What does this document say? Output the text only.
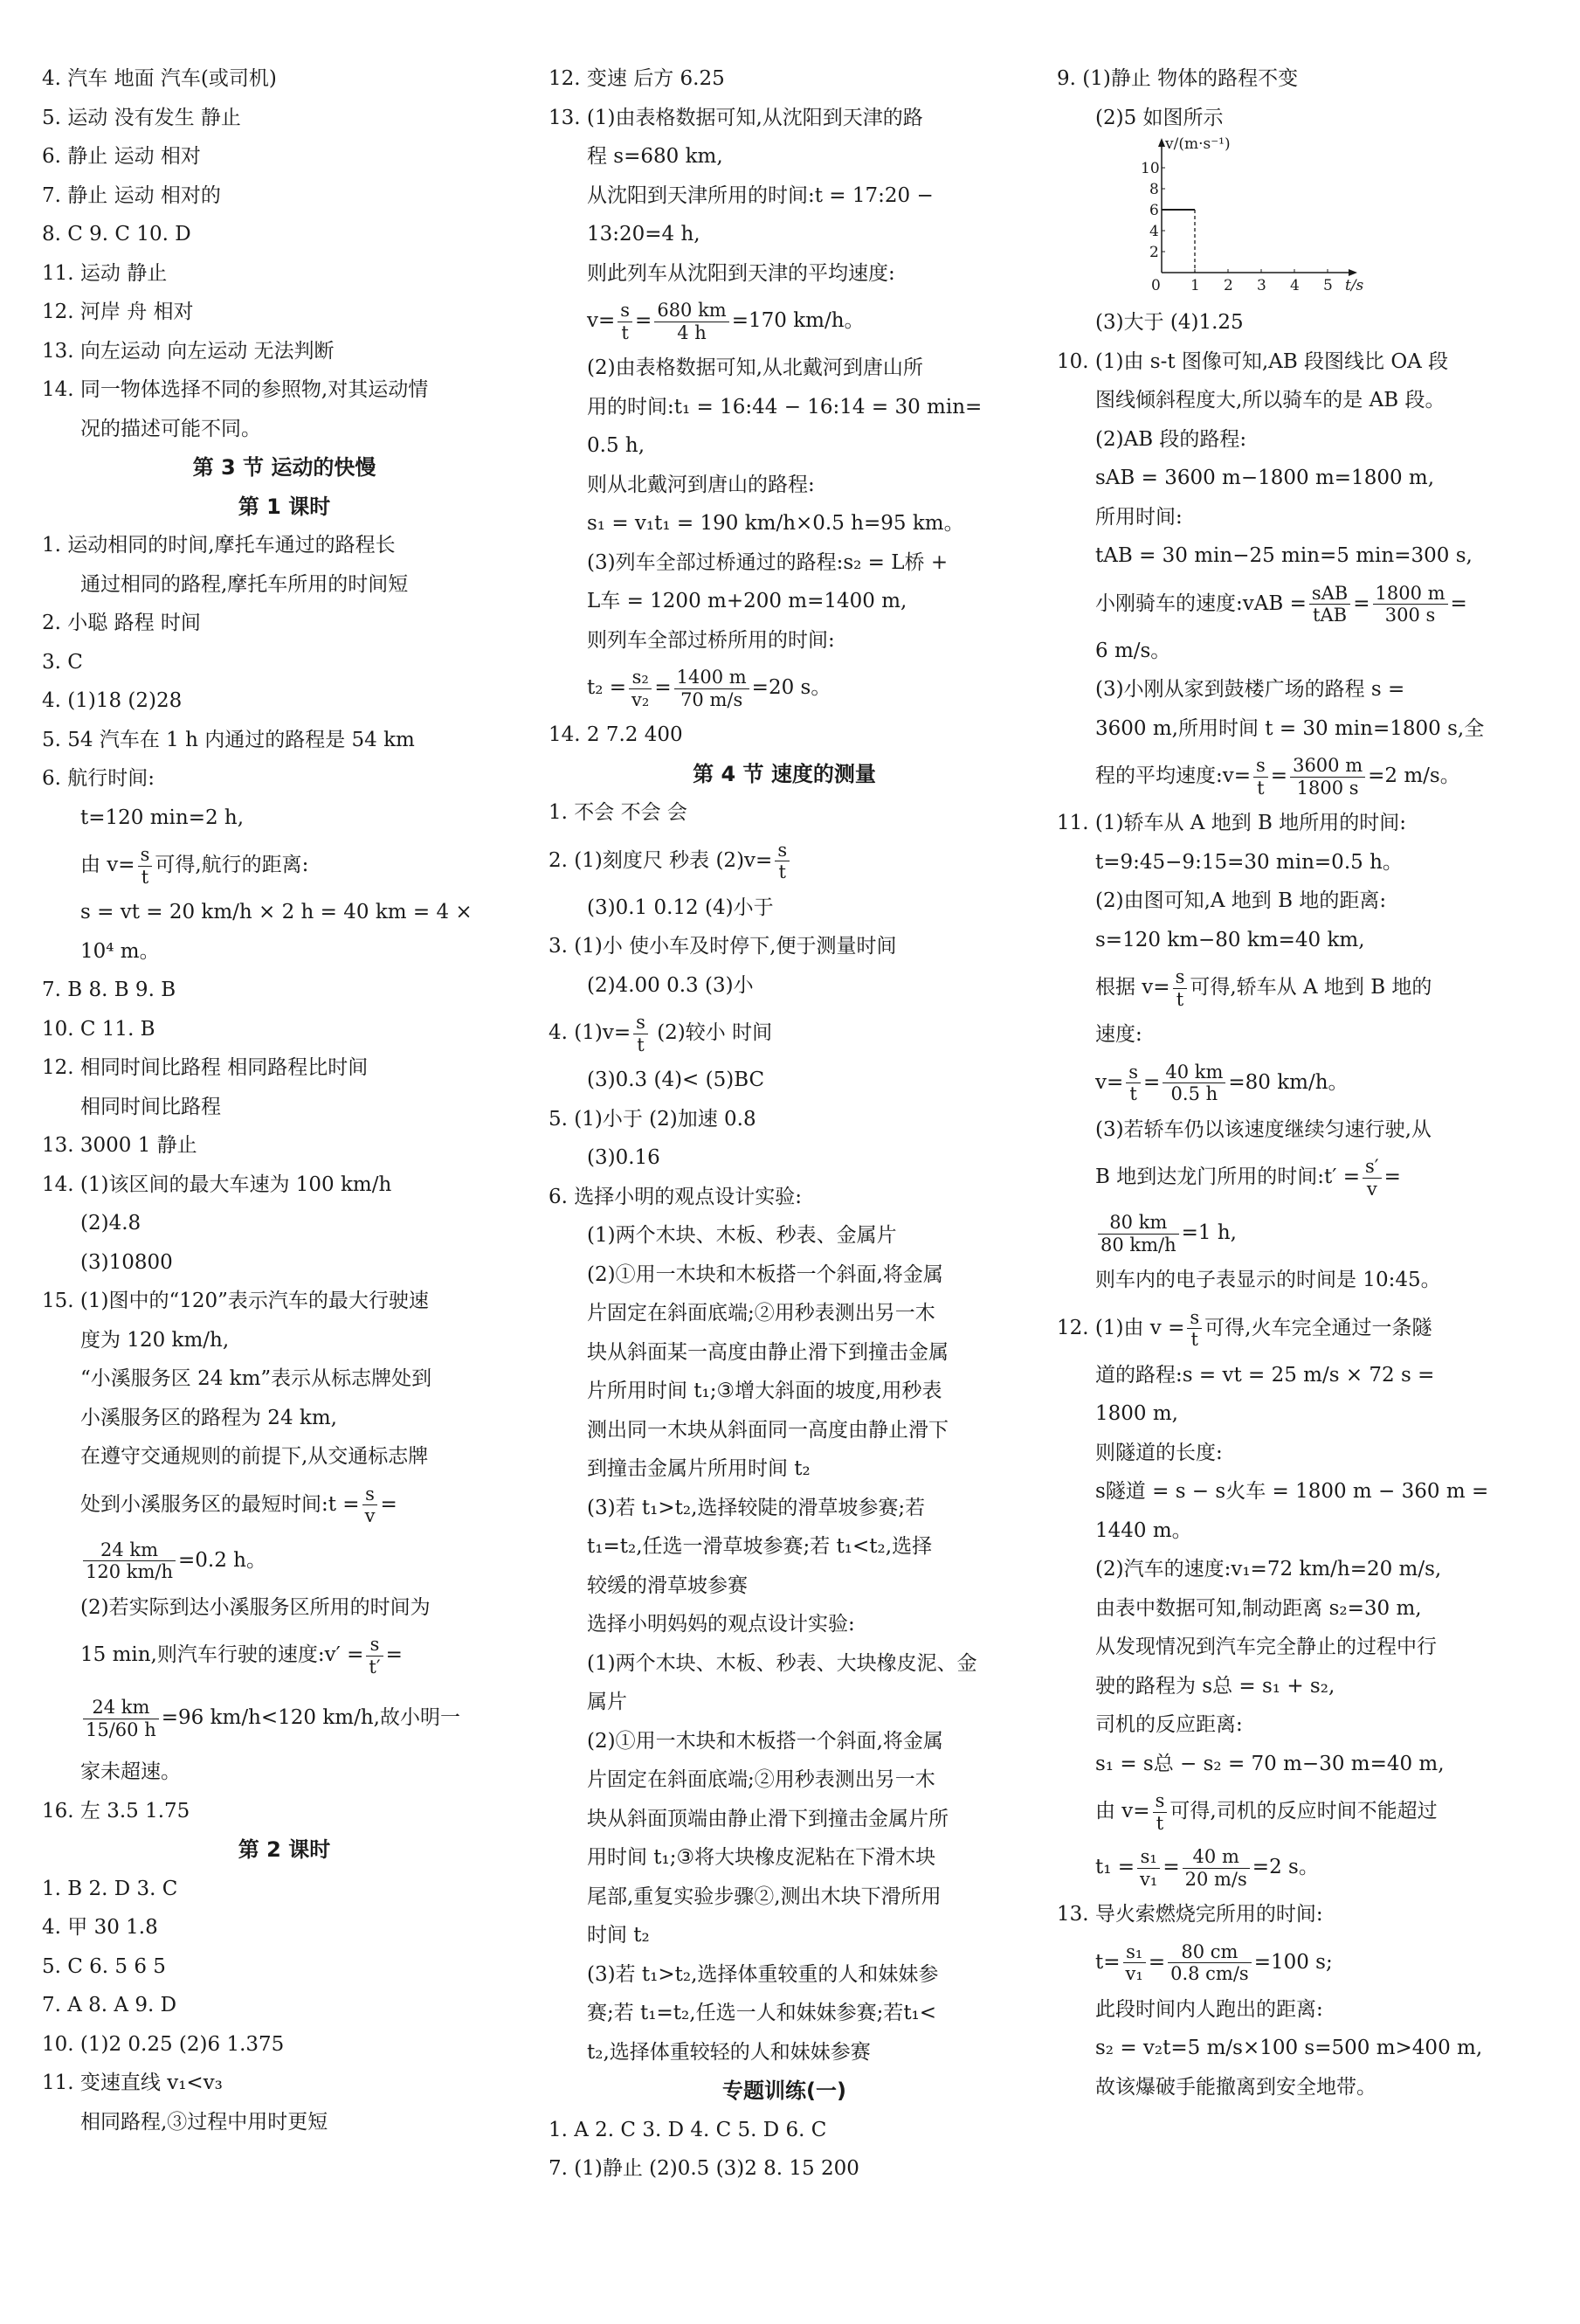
4. 汽车 地面 汽车(或司机)
5. 运动 没有发生 静止
6. 静止 运动 相对
7. 静止 运动 相对的
8. C 9. C 10. D
11. 运动 静止
12. 河岸 舟 相对
13. 向左运动 向左运动 无法判断
14. 同一物体选择不同的参照物,对其运动情
况的描述可能不同。
第 3 节 运动的快慢
第 1 课时
1. 运动相同的时间,摩托车通过的路程长
通过相同的路程,摩托车所用的时间短
2. 小聪 路程 时间
3. C
4. (1)18 (2)28
5. 54 汽车在 1 h 内通过的路程是 54 km
6. 航行时间:
t=120 min=2 h,
由 $v= \frac{s}{t}$ 可得,航行的距离:
s = vt = 20 km/h × 2 h = 40 km = 4 ×
10⁴ m。
7. B 8. B 9. B
10. C 11. B
12. 相同时间比路程 相同路程比时间
相同时间比路程
13. 3000 1 静止
14. (1)该区间的最大车速为 100 km/h
(2)4.8
(3)10800
15. (1)图中的“120”表示汽车的最大行驶速
度为 120 km/h,
“小溪服务区 24 km”表示从标志牌处到
小溪服务区的路程为 24 km,
在遵守交通规则的前提下,从交通标志牌
处到小溪服务区的最短时间:t = $\frac{s}{v}$ =
$\frac{24 km}{120 km/h} =0.2$ h。
(2)若实际到达小溪服务区所用的时间为
15 min,则汽车行驶的速度:v′ = $\frac{s}{t'}$ =
$\frac{24 km}{15/60 h} =96$ km/h<120 km/h,故小明一
家未超速。
16. 左 3.5 1.75
第 2 课时
1. B 2. D 3. C
4. 甲 30 1.8
5. C 6. 5 6 5
7. A 8. A 9. D
10. (1)2 0.25 (2)6 1.375
11. 变速直线 v₁<v₃
相同路程,③过程中用时更短
12. 变速 后方 6.25
13. (1)由表格数据可知,从沈阳到天津的路
程 s=680 km,
从沈阳到天津所用的时间:t = 17:20 −
13:20=4 h,
则此列车从沈阳到天津的平均速度:
$v= \frac{s}{t} = \frac{680 km}{4 h} =170$ km/h。
(2)由表格数据可知,从北戴河到唐山所
用的时间:t₁ = 16:44 − 16:14 = 30 min=
0.5 h,
则从北戴河到唐山的路程:
s₁ = v₁t₁ = 190 km/h×0.5 h=95 km。
(3)列车全部过桥通过的路程:s₂ = L桥 +
L车 = 1200 m+200 m=1400 m,
则列车全部过桥所用的时间:
$t_2 = \frac{\text{s₂}}{\text{v₂}} = \frac{1400 m}{70 m/s} =20$ s。
14. 2 7.2 400
第 4 节 速度的测量
1. 不会 不会 会
2. (1)刻度尺 秒表 $(2)v= \frac{s}{t}$
(3)0.1 0.12 (4)小于
3. (1)小 使小车及时停下,便于测量时间
(2)4.00 0.3 (3)小
4. $(1)v= \frac{s}{t} (2)$较小 时间
(3)0.3 (4)< (5)BC
5. (1)小于 (2)加速 0.8
(3)0.16
6. 选择小明的观点设计实验:
(1)两个木块、木板、秒表、金属片
(2)①用一木块和木板搭一个斜面,将金属
片固定在斜面底端;②用秒表测出另一木
块从斜面某一高度由静止滑下到撞击金属
片所用时间 t₁;③增大斜面的坡度,用秒表
测出同一木块从斜面同一高度由静止滑下
到撞击金属片所用时间 t₂
(3)若 t₁>t₂,选择较陡的滑草坡参赛;若
t₁=t₂,任选一滑草坡参赛;若 t₁<t₂,选择
较缓的滑草坡参赛
选择小明妈妈的观点设计实验:
(1)两个木块、木板、秒表、大块橡皮泥、金
属片
(2)①用一木块和木板搭一个斜面,将金属
片固定在斜面底端;②用秒表测出另一木
块从斜面顶端由静止滑下到撞击金属片所
用时间 t₁;③将大块橡皮泥粘在下滑木块
尾部,重复实验步骤②,测出木块下滑所用
时间 t₂
(3)若 t₁>t₂,选择体重较重的人和妹妹参
赛;若 t₁=t₂,任选一人和妹妹参赛;若t₁<
t₂,选择体重较轻的人和妹妹参赛
专题训练(一)
1. A 2. C 3. D 4. C 5. D 6. C
7. (1)静止 (2)0.5 (3)2 8. 15 200
9. (1)静止 物体的路程不变
(2)5 如图所示
0 1 2 3 4 5
2
4
6
8
10
t/s
v/(m·s⁻¹)
(3)大于 (4)1.25
10. (1)由 s-t 图像可知,AB 段图线比 OA 段
图线倾斜程度大,所以骑车的是 AB 段。
(2)AB 段的路程:
sAB = 3600 m−1800 m=1800 m,
所用时间:
tAB = 30 min−25 min=5 min=300 s,
小刚骑车的速度:vAB = $\frac{\text{sAB}}{\text{tAB}} = \frac{1800 m}{300 s}$ =
6 m/s。
(3)小刚从家到鼓楼广场的路程 s =
3600 m,所用时间 t = 30 min=1800 s,全
程的平均速度:v= $\frac{s}{t} = \frac{3600 m}{1800 s} =2$ m/s。
11. (1)轿车从 A 地到 B 地所用的时间:
t=9:45−9:15=30 min=0.5 h。
(2)由图可知,A 地到 B 地的距离:
s=120 km−80 km=40 km,
根据 $v= \frac{s}{t}$ 可得,轿车从 A 地到 B 地的
速度:
$v= \frac{s}{t} = \frac{40 km}{0.5 h} =80$ km/h。
(3)若轿车仍以该速度继续匀速行驶,从
B 地到达龙门所用的时间:t′ = $\frac{s'}{v}$ =
$\frac{80 km}{80 km/h} =1$ h,
则车内的电子表显示的时间是 10:45。
12. (1)由 $v = \frac{s}{t}$ 可得,火车完全通过一条隧
道的路程:s = vt = 25 m/s × 72 s =
1800 m,
则隧道的长度:
s隧道 = s − s火车 = 1800 m − 360 m =
1440 m。
(2)汽车的速度:v₁=72 km/h=20 m/s,
由表中数据可知,制动距离 s₂=30 m,
从发现情况到汽车完全静止的过程中行
驶的路程为 s总 = s₁ + s₂,
司机的反应距离:
s₁ = s总 − s₂ = 70 m−30 m=40 m,
由 $v= \frac{s}{t}$ 可得,司机的反应时间不能超过
$t_1 = \frac{\text{s₁}}{\text{v₁}} = \frac{40 m}{20 m/s} =2$ s。
13. 导火索燃烧完所用的时间:
$t= \frac{\text{s₁}}{\text{v₁}} = \frac{80 cm}{0.8 cm/s} =100$ s;
此段时间内人跑出的距离:
s₂ = v₂t=5 m/s×100 s=500 m>400 m,
故该爆破手能撤离到安全地带。
